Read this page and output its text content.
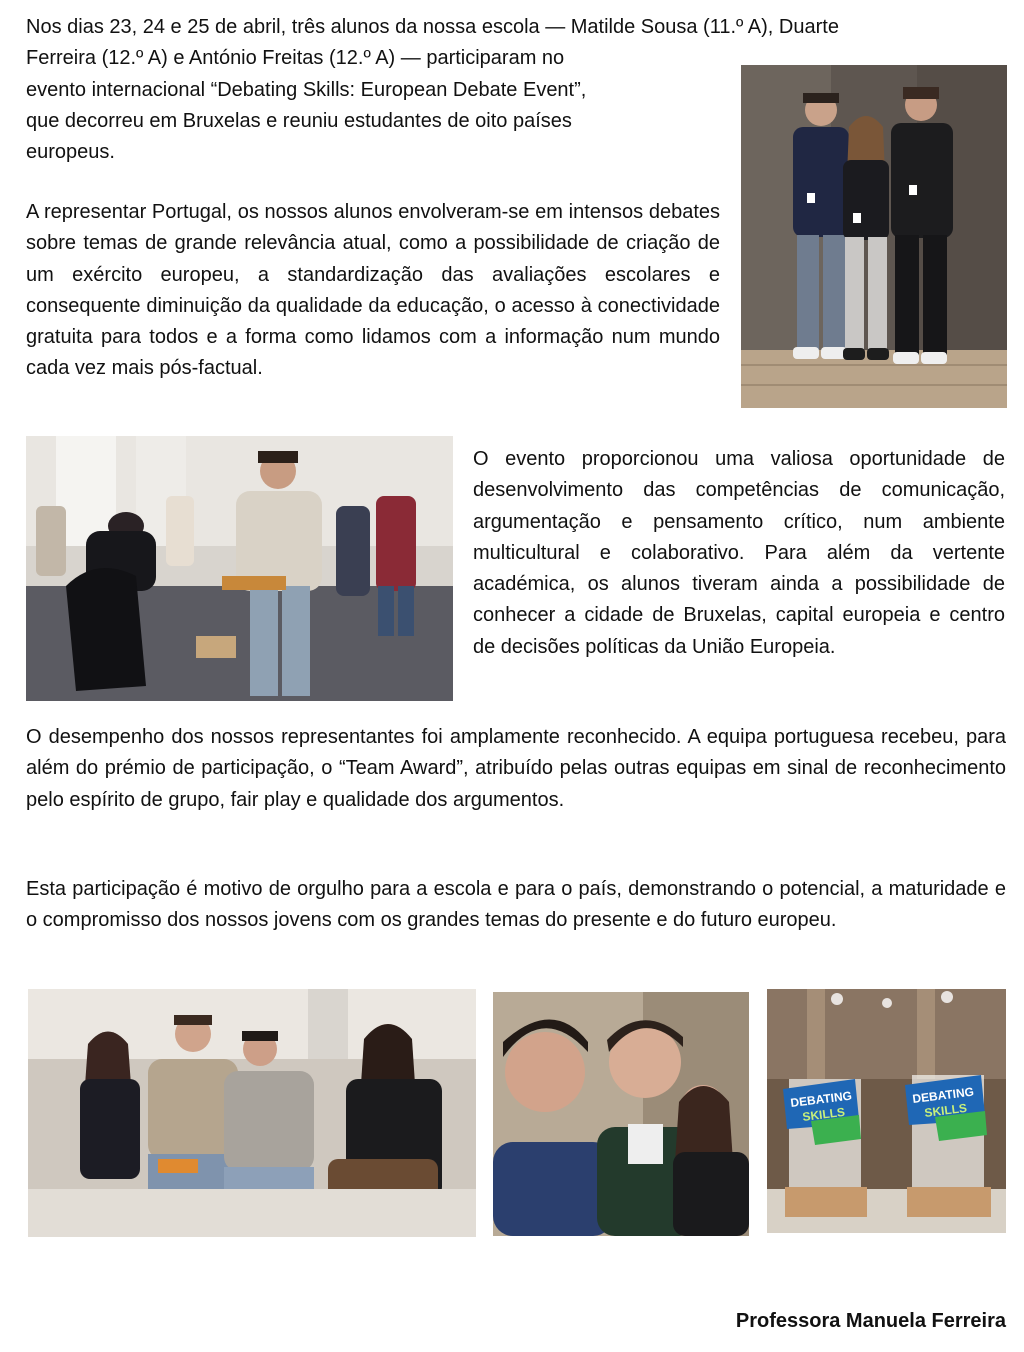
Nos dias 23, 24 e 25 de abril, três alunos da nossa escola — Matilde Sousa (11.º A), Duarte
Ferreira (12.º A) e António Freitas (12.º A) — participaram no
evento internacional “Debating Skills: European Debate Event”,
que decorreu em Bruxelas e reuniu estudantes de oito países
europeus.

A representar Portugal, os nossos alunos envolveram-se em intensos debates sobre temas de grande relevância atual, como a possibilidade de criação de um exército europeu, a standardização das avaliações escolares e consequente diminuição da qualidade da educação, o acesso à conectividade gratuita para todos e a forma como lidamos com a informação num mundo cada vez mais pós-factual.

O evento proporcionou uma valiosa oportunidade de desenvolvimento das competências de comunicação, argumentação e pensamento crítico, num ambiente multicultural e colaborativo. Para além da vertente académica, os alunos tiveram ainda a possibilidade de conhecer a cidade de Bruxelas, capital europeia e centro de decisões políticas da União Europeia.

O desempenho dos nossos representantes foi amplamente reconhecido. A equipa portuguesa recebeu, para além do prémio de participação, o “Team Award”, atribuído pelas outras equipas em sinal de reconhecimento pelo espírito de grupo, fair play e qualidade dos argumentos.

Esta participação é motivo de orgulho para a escola e para o país, demonstrando o potencial, a maturidade e o compromisso dos nossos jovens com os grandes temas do presente e do futuro europeu.

DEBATING
SKILLS
DEBATING
SKILLS
Professora Manuela Ferreira
